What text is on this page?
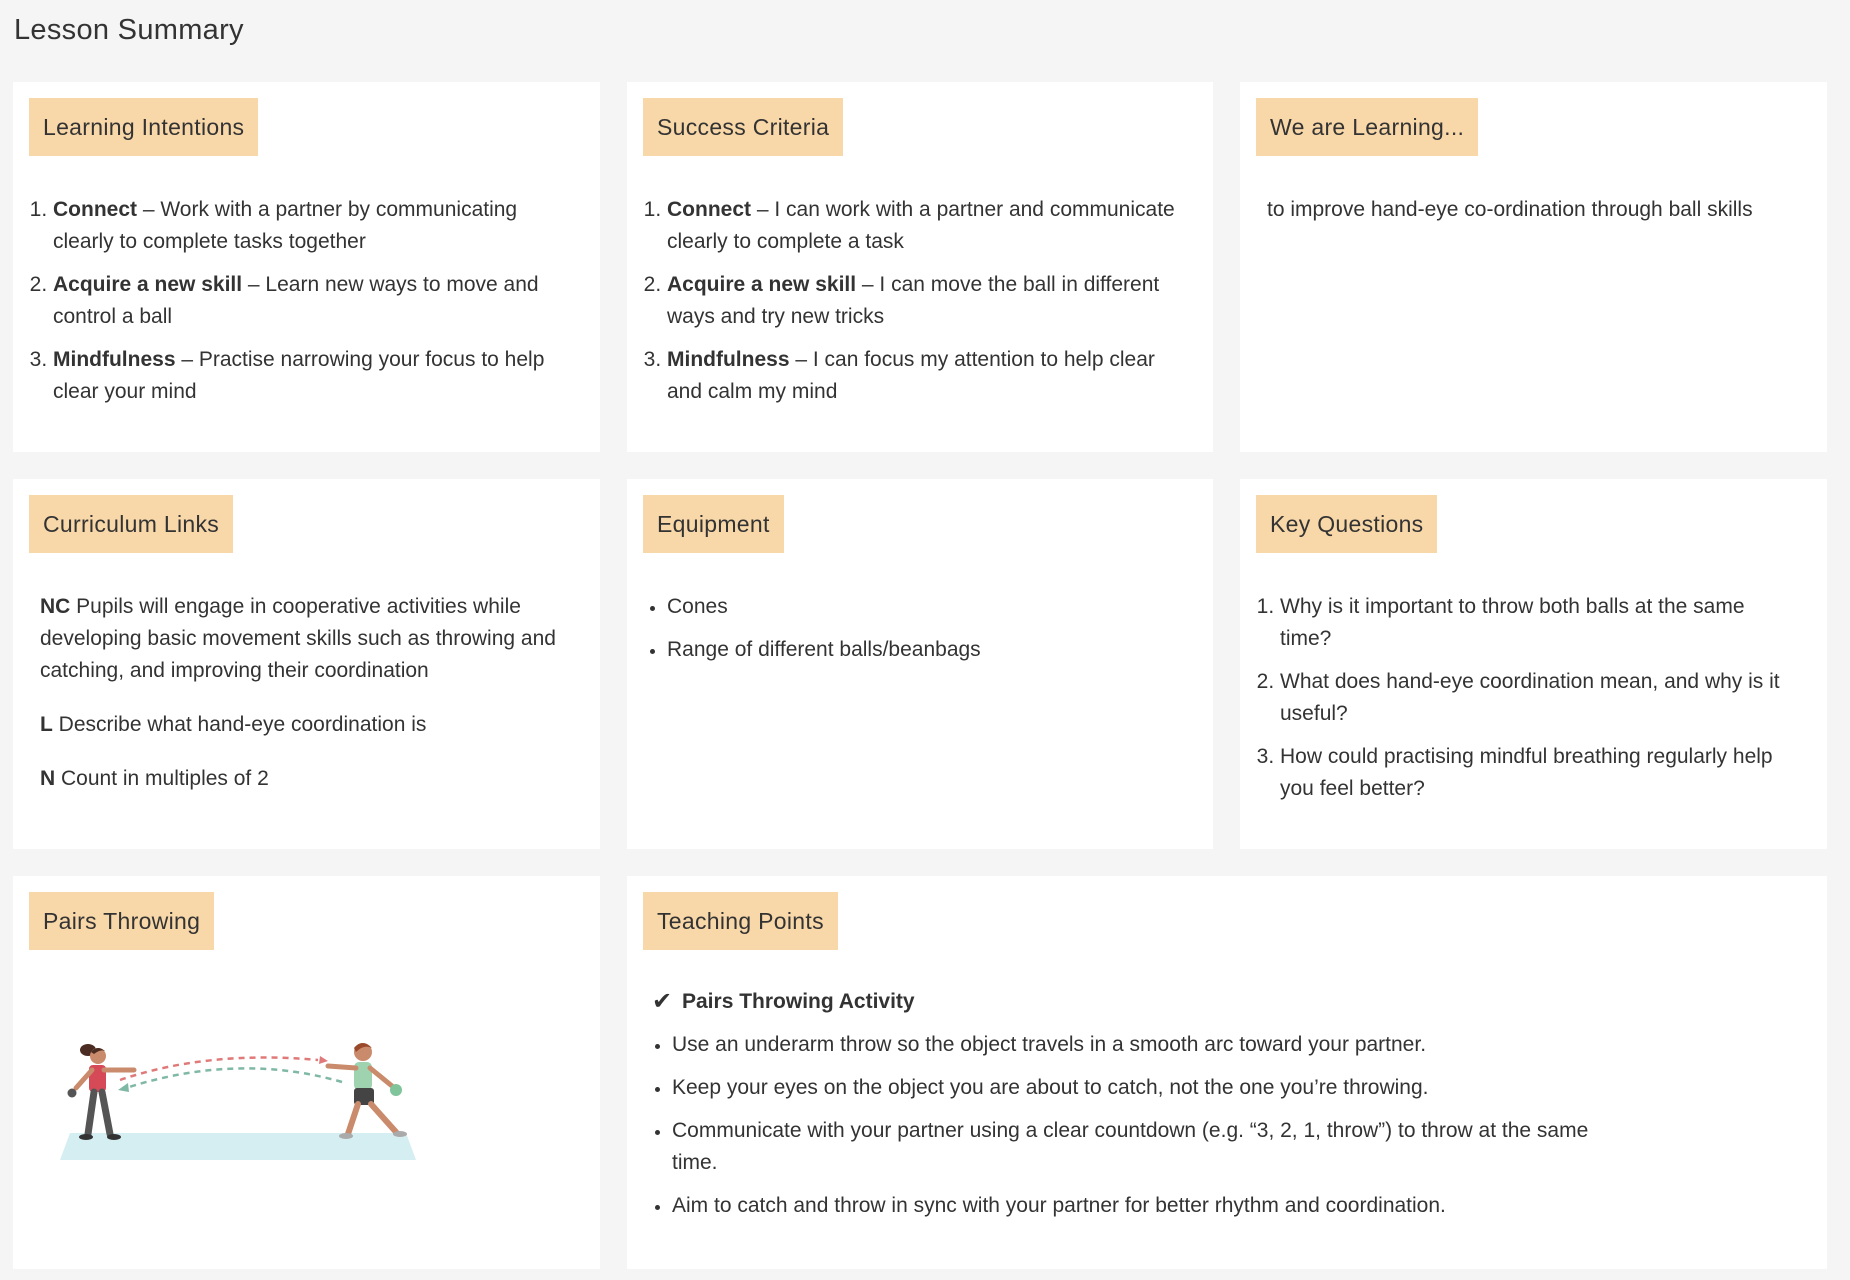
Lesson Summary
Learning Intentions
1. Connect – Work with a partner by communicating clearly to complete tasks together
2. Acquire a new skill – Learn new ways to move and control a ball
3. Mindfulness – Practise narrowing your focus to help clear your mind
Success Criteria
1. Connect – I can work with a partner and communicate clearly to complete a task
2. Acquire a new skill – I can move the ball in different ways and try new tricks
3. Mindfulness – I can focus my attention to help clear and calm my mind
We are Learning...

to improve hand-eye co-ordination through ball skills

Curriculum Links

NC Pupils will engage in cooperative activities while developing basic movement skills such as throwing and catching, and improving their coordination

L Describe what hand-eye coordination is

N Count in multiples of 2

Equipment
• Cones
• Range of different balls/beanbags
Key Questions
1. Why is it important to throw both balls at the same time?
2. What does hand-eye coordination mean, and why is it useful?
3. How could practising mindful breathing regularly help you feel better?
Pairs Throwing	Teaching Points
✔ Pairs Throwing Activity
• Use an underarm throw so the object travels in a smooth arc toward your partner.
• Keep your eyes on the object you are about to catch, not the one you’re throwing.
• Communicate with your partner using a clear countdown (e.g. “3, 2, 1, throw”) to throw at the same time.
• Aim to catch and throw in sync with your partner for better rhythm and coordination.
